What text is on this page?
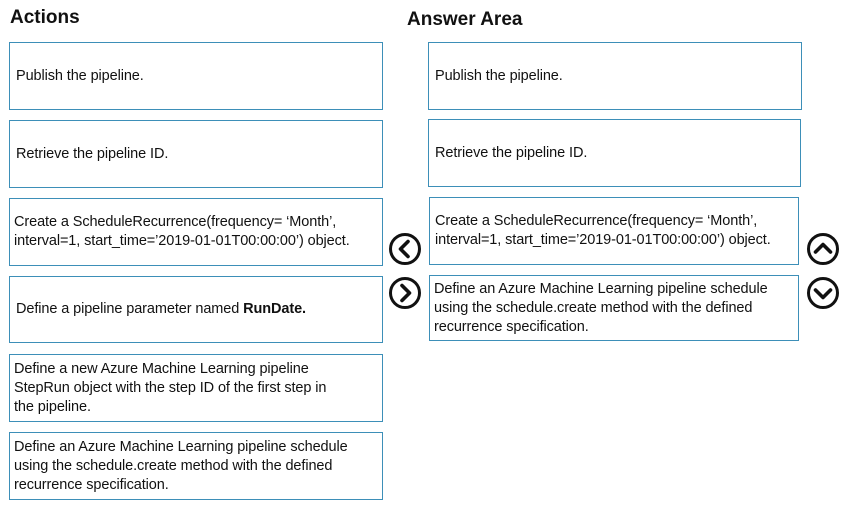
Actions	Answer Area
Publish the pipeline.
Retrieve the pipeline ID.
Create a ScheduleRecurrence(frequency= ‘Month’,
interval=1, start_time=’2019-01-01T00:00:00’) object.
Define a pipeline parameter named RunDate.
Define a new Azure Machine Learning pipeline
StepRun object with the step ID of the first step in
the pipeline.
Define an Azure Machine Learning pipeline schedule
using the schedule.create method with the defined
recurrence specification.
Publish the pipeline.
Retrieve the pipeline ID.
Create a ScheduleRecurrence(frequency= ‘Month’,
interval=1, start_time=’2019-01-01T00:00:00’) object.
Define an Azure Machine Learning pipeline schedule
using the schedule.create method with the defined
recurrence specification.
